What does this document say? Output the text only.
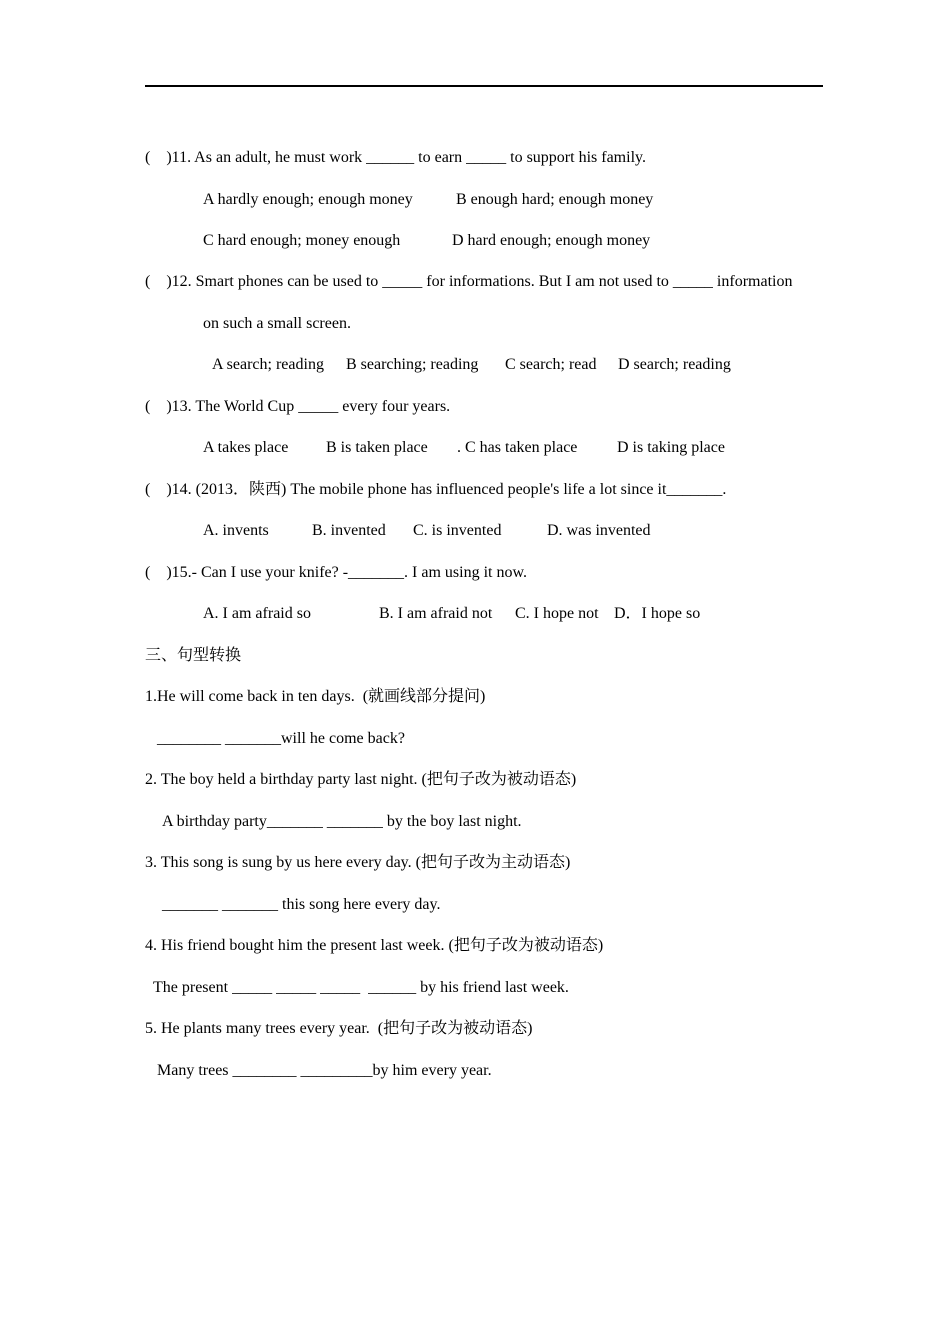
(    )11. As an adult, he must work ______ to earn _____ to support his family.
A hardly enough; enough money	B enough hard; enough money
C hard enough; money enough	D hard enough; enough money
(    )12. Smart phones can be used to _____ for informations. But I am not used to _____ information
on such a small screen.
A search; reading B searching; reading C search; read D search; reading
(    )13. The World Cup _____ every four years.
A takes place B is taken place . C has taken place D is taking place
(    )14. (2013．陕西) The mobile phone has influenced people's life a lot since it_______.
A. invents	B. invented C. is invented	D. was invented
(    )15.- Can I use your knife? -_______. I am using it now.
A. I am afraid so	B. I am afraid not C. I hope not D．I hope so
三、句型转换
1.He will come back in ten days.  (就画线部分提问)
________ _______will he come back?
2. The boy held a birthday party last night. (把句子改为被动语态)
A birthday party_______ _______ by the boy last night.
3. This song is sung by us here every day. (把句子改为主动语态)
_______ _______ this song here every day.
4. His friend bought him the present last week. (把句子改为被动语态)
The present _____ _____ _____  ______ by his friend last week.
5. He plants many trees every year.  (把句子改为被动语态)
Many trees ________ _________by him every year.
